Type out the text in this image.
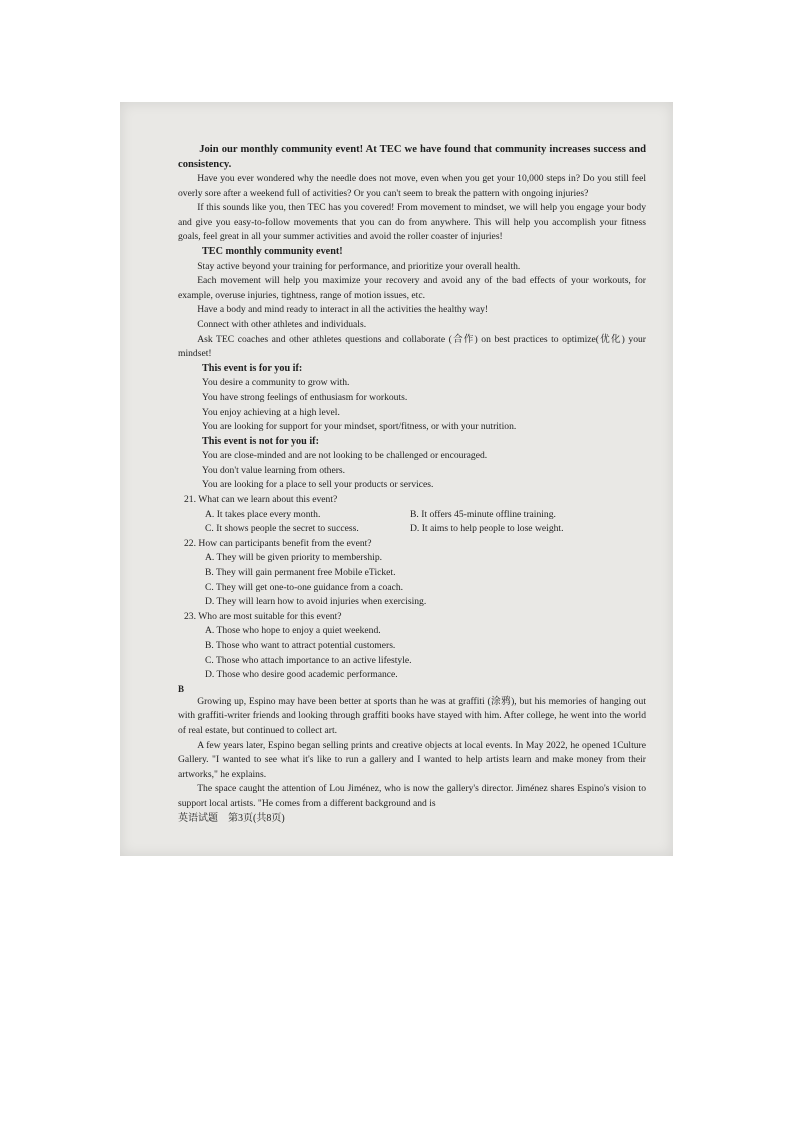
Join our monthly community event! At TEC we have found that community increases success and consistency.

Have you ever wondered why the needle does not move, even when you get your 10,000 steps in? Do you still feel overly sore after a weekend full of activities? Or you can't seem to break the pattern with ongoing injuries?

If this sounds like you, then TEC has you covered! From movement to mindset, we will help you engage your body and give you easy-to-follow movements that you can do from anywhere. This will help you accomplish your fitness goals, feel great in all your summer activities and avoid the roller coaster of injuries!

TEC monthly community event!

Stay active beyond your training for performance, and prioritize your overall health.

Each movement will help you maximize your recovery and avoid any of the bad effects of your workouts, for example, overuse injuries, tightness, range of motion issues, etc.

Have a body and mind ready to interact in all the activities the healthy way!

Connect with other athletes and individuals.

Ask TEC coaches and other athletes questions and collaborate (合作) on best practices to optimize(优化) your mindset!

This event is for you if:

You desire a community to grow with.

You have strong feelings of enthusiasm for workouts.

You enjoy achieving at a high level.

You are looking for support for your mindset, sport/fitness, or with your nutrition.

This event is not for you if:

You are close-minded and are not looking to be challenged or encouraged.

You don't value learning from others.

You are looking for a place to sell your products or services.

21. What can we learn about this event?

A. It takes place every month.	B. It offers 45-minute offline training.
C. It shows people the secret to success.	D. It aims to help people to lose weight.

22. How can participants benefit from the event?

A. They will be given priority to membership.

B. They will gain permanent free Mobile eTicket.

C. They will get one-to-one guidance from a coach.

D. They will learn how to avoid injuries when exercising.

23. Who are most suitable for this event?

A. Those who hope to enjoy a quiet weekend.

B. Those who want to attract potential customers.

C. Those who attach importance to an active lifestyle.

D. Those who desire good academic performance.

B

Growing up, Espino may have been better at sports than he was at graffiti (涂鸦), but his memories of hanging out with graffiti-writer friends and looking through graffiti books have stayed with him. After college, he went into the world of real estate, but continued to collect art.

A few years later, Espino began selling prints and creative objects at local events. In May 2022, he opened 1Culture Gallery. "I wanted to see what it's like to run a gallery and I wanted to help artists learn and make money from their artworks," he explains.

The space caught the attention of Lou Jiménez, who is now the gallery's director. Jiménez shares Espino's vision to support local artists. "He comes from a different background and is

英语试题　第3页(共8页)
